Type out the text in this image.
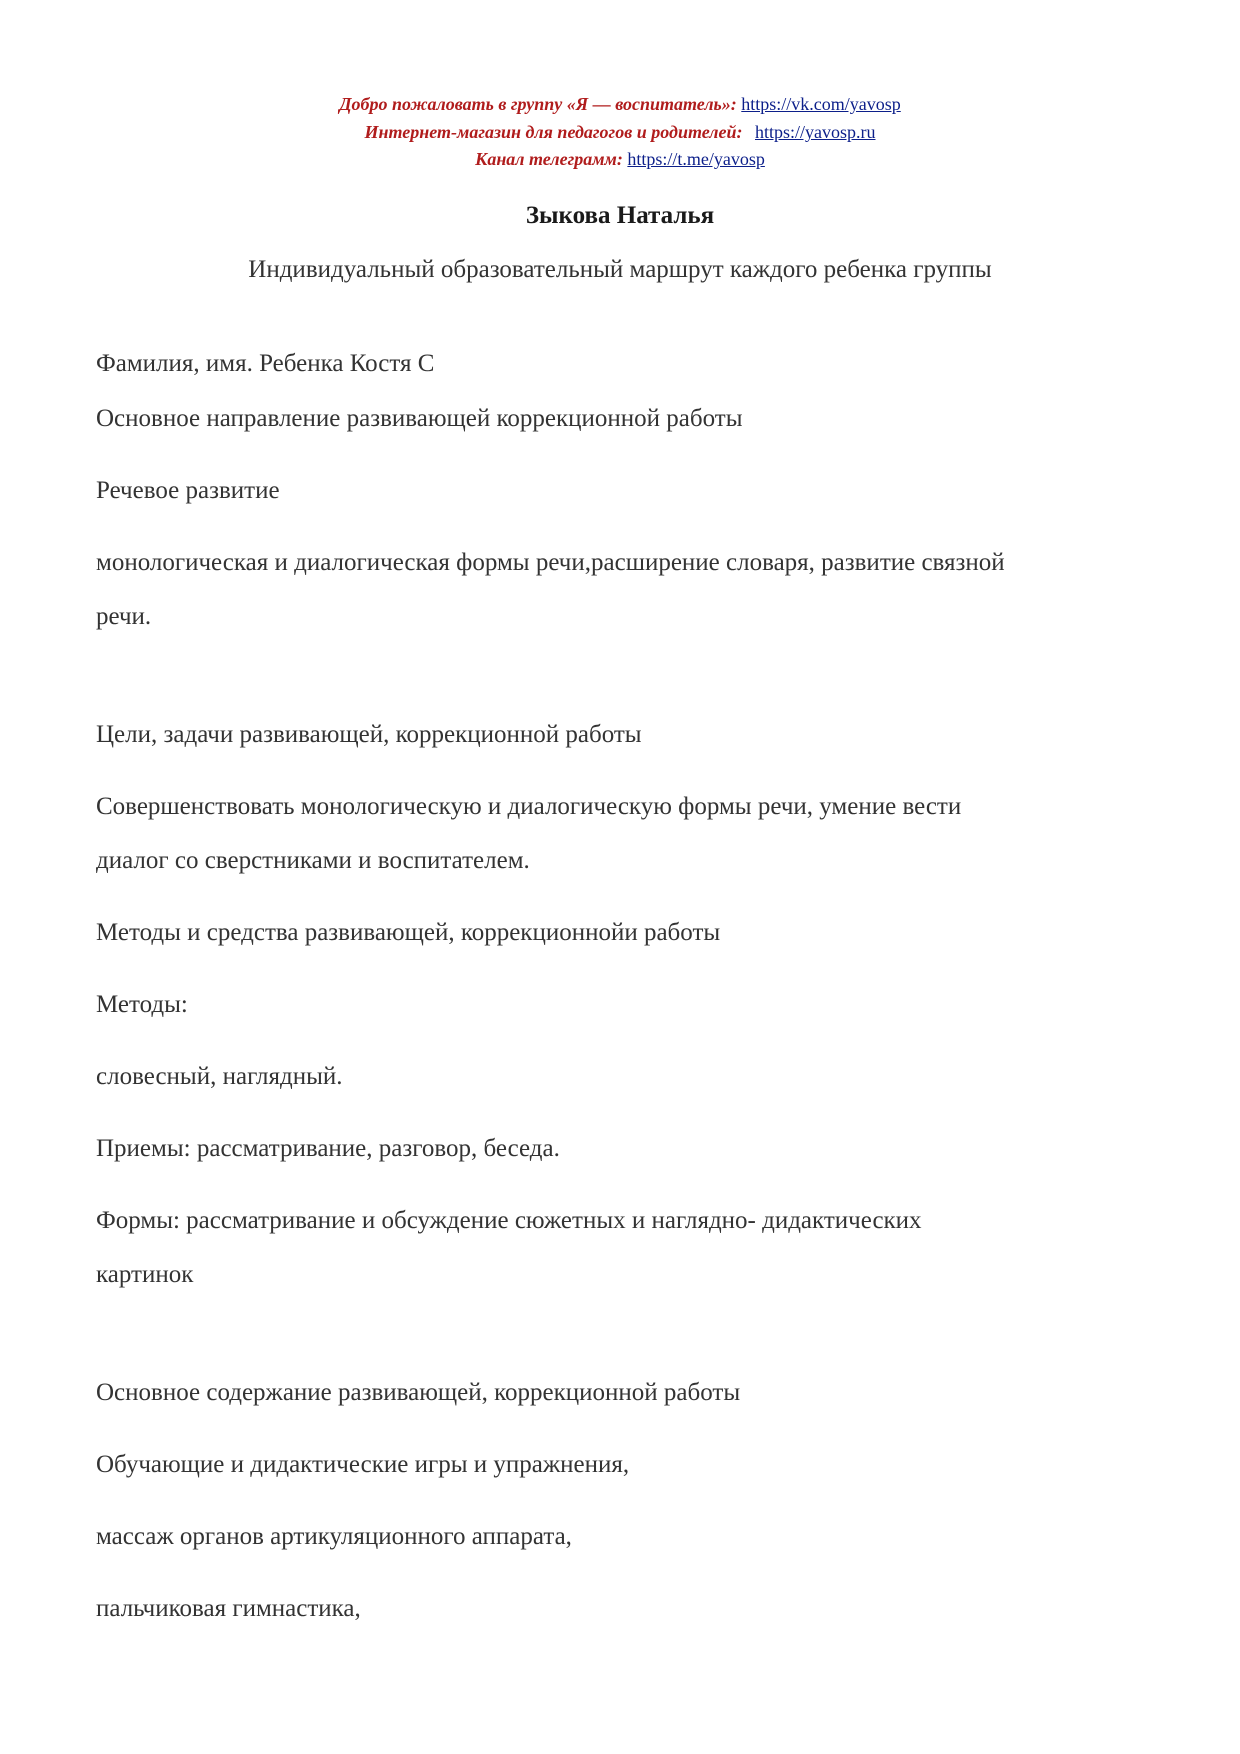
Добро пожаловать в группу «Я — воспитатель»: https://vk.com/yavosp
Интернет-магазин для педагогов и родителей: https://yavosp.ru
Канал телеграмм: https://t.me/yavosp
Зыкова Наталья
Индивидуальный образовательный маршрут каждого ребенка группы

Фамилия, имя. Ребенка Костя С

Основное направление развивающей коррекционной работы

Речевое развитие

монологическая и диалогическая формы речи,расширение словаря, развитие связной
речи.

Цели, задачи развивающей, коррекционной работы

Совершенствовать монологическую и диалогическую формы речи, умение вести
диалог со сверстниками и воспитателем.

Методы и средства развивающей, коррекционнойи работы

Методы:

словесный, наглядный.

Приемы: рассматривание, разговор, беседа.

Формы: рассматривание и обсуждение сюжетных и наглядно- дидактических
картинок

Основное содержание развивающей, коррекционной работы

Обучающие и дидактические игры и упражнения,

массаж органов артикуляционного аппарата,

пальчиковая гимнастика,
